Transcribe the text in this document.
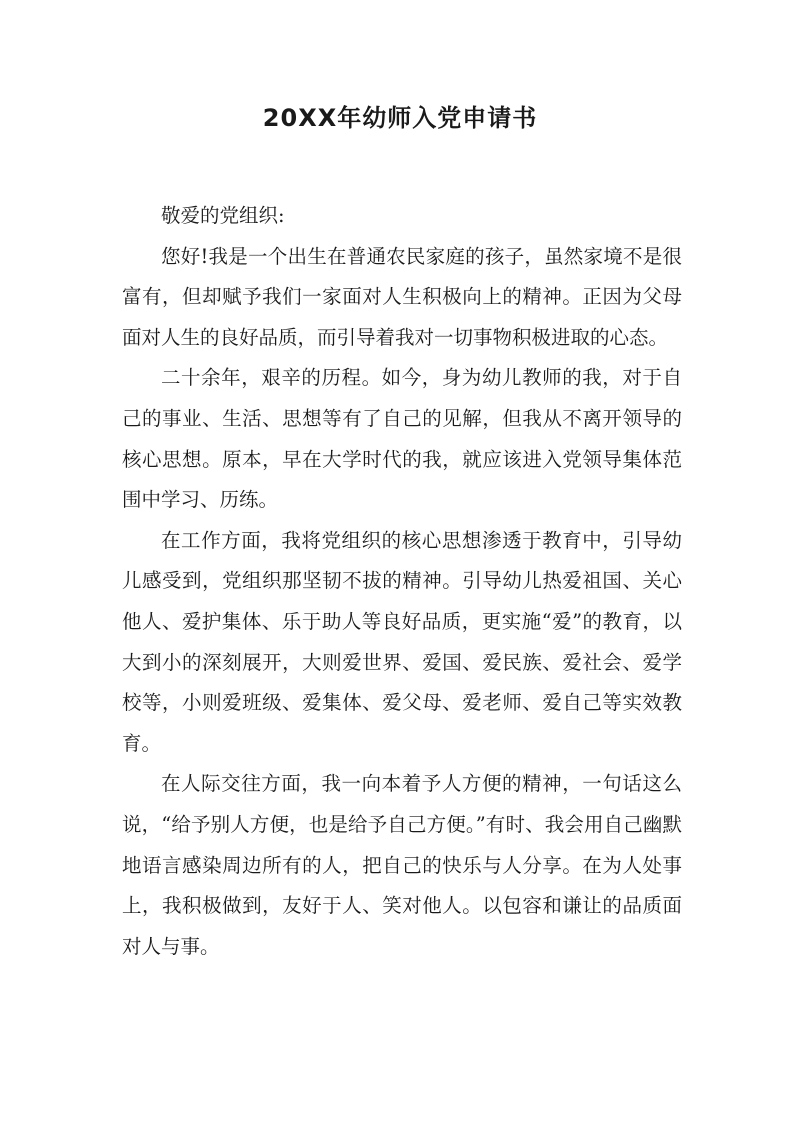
20XX年幼师入党申请书

敬爱的党组织:

您好!我是一个出生在普通农民家庭的孩子，虽然家境不是很富有，但却赋予我们一家面对人生积极向上的精神。正因为父母面对人生的良好品质，而引导着我对一切事物积极进取的心态。

二十余年，艰辛的历程。如今，身为幼儿教师的我，对于自己的事业、生活、思想等有了自己的见解，但我从不离开领导的核心思想。原本，早在大学时代的我，就应该进入党领导集体范围中学习、历练。

在工作方面，我将党组织的核心思想渗透于教育中，引导幼儿感受到，党组织那坚韧不拔的精神。引导幼儿热爱祖国、关心他人、爱护集体、乐于助人等良好品质，更实施“爱”的教育，以大到小的深刻展开，大则爱世界、爱国、爱民族、爱社会、爱学校等，小则爱班级、爱集体、爱父母、爱老师、爱自己等实效教育。

在人际交往方面，我一向本着予人方便的精神，一句话这么说，“给予别人方便，也是给予自己方便。”有时、我会用自己幽默地语言感染周边所有的人，把自己的快乐与人分享。在为人处事上，我积极做到，友好于人、笑对他人。以包容和谦让的品质面对人与事。
